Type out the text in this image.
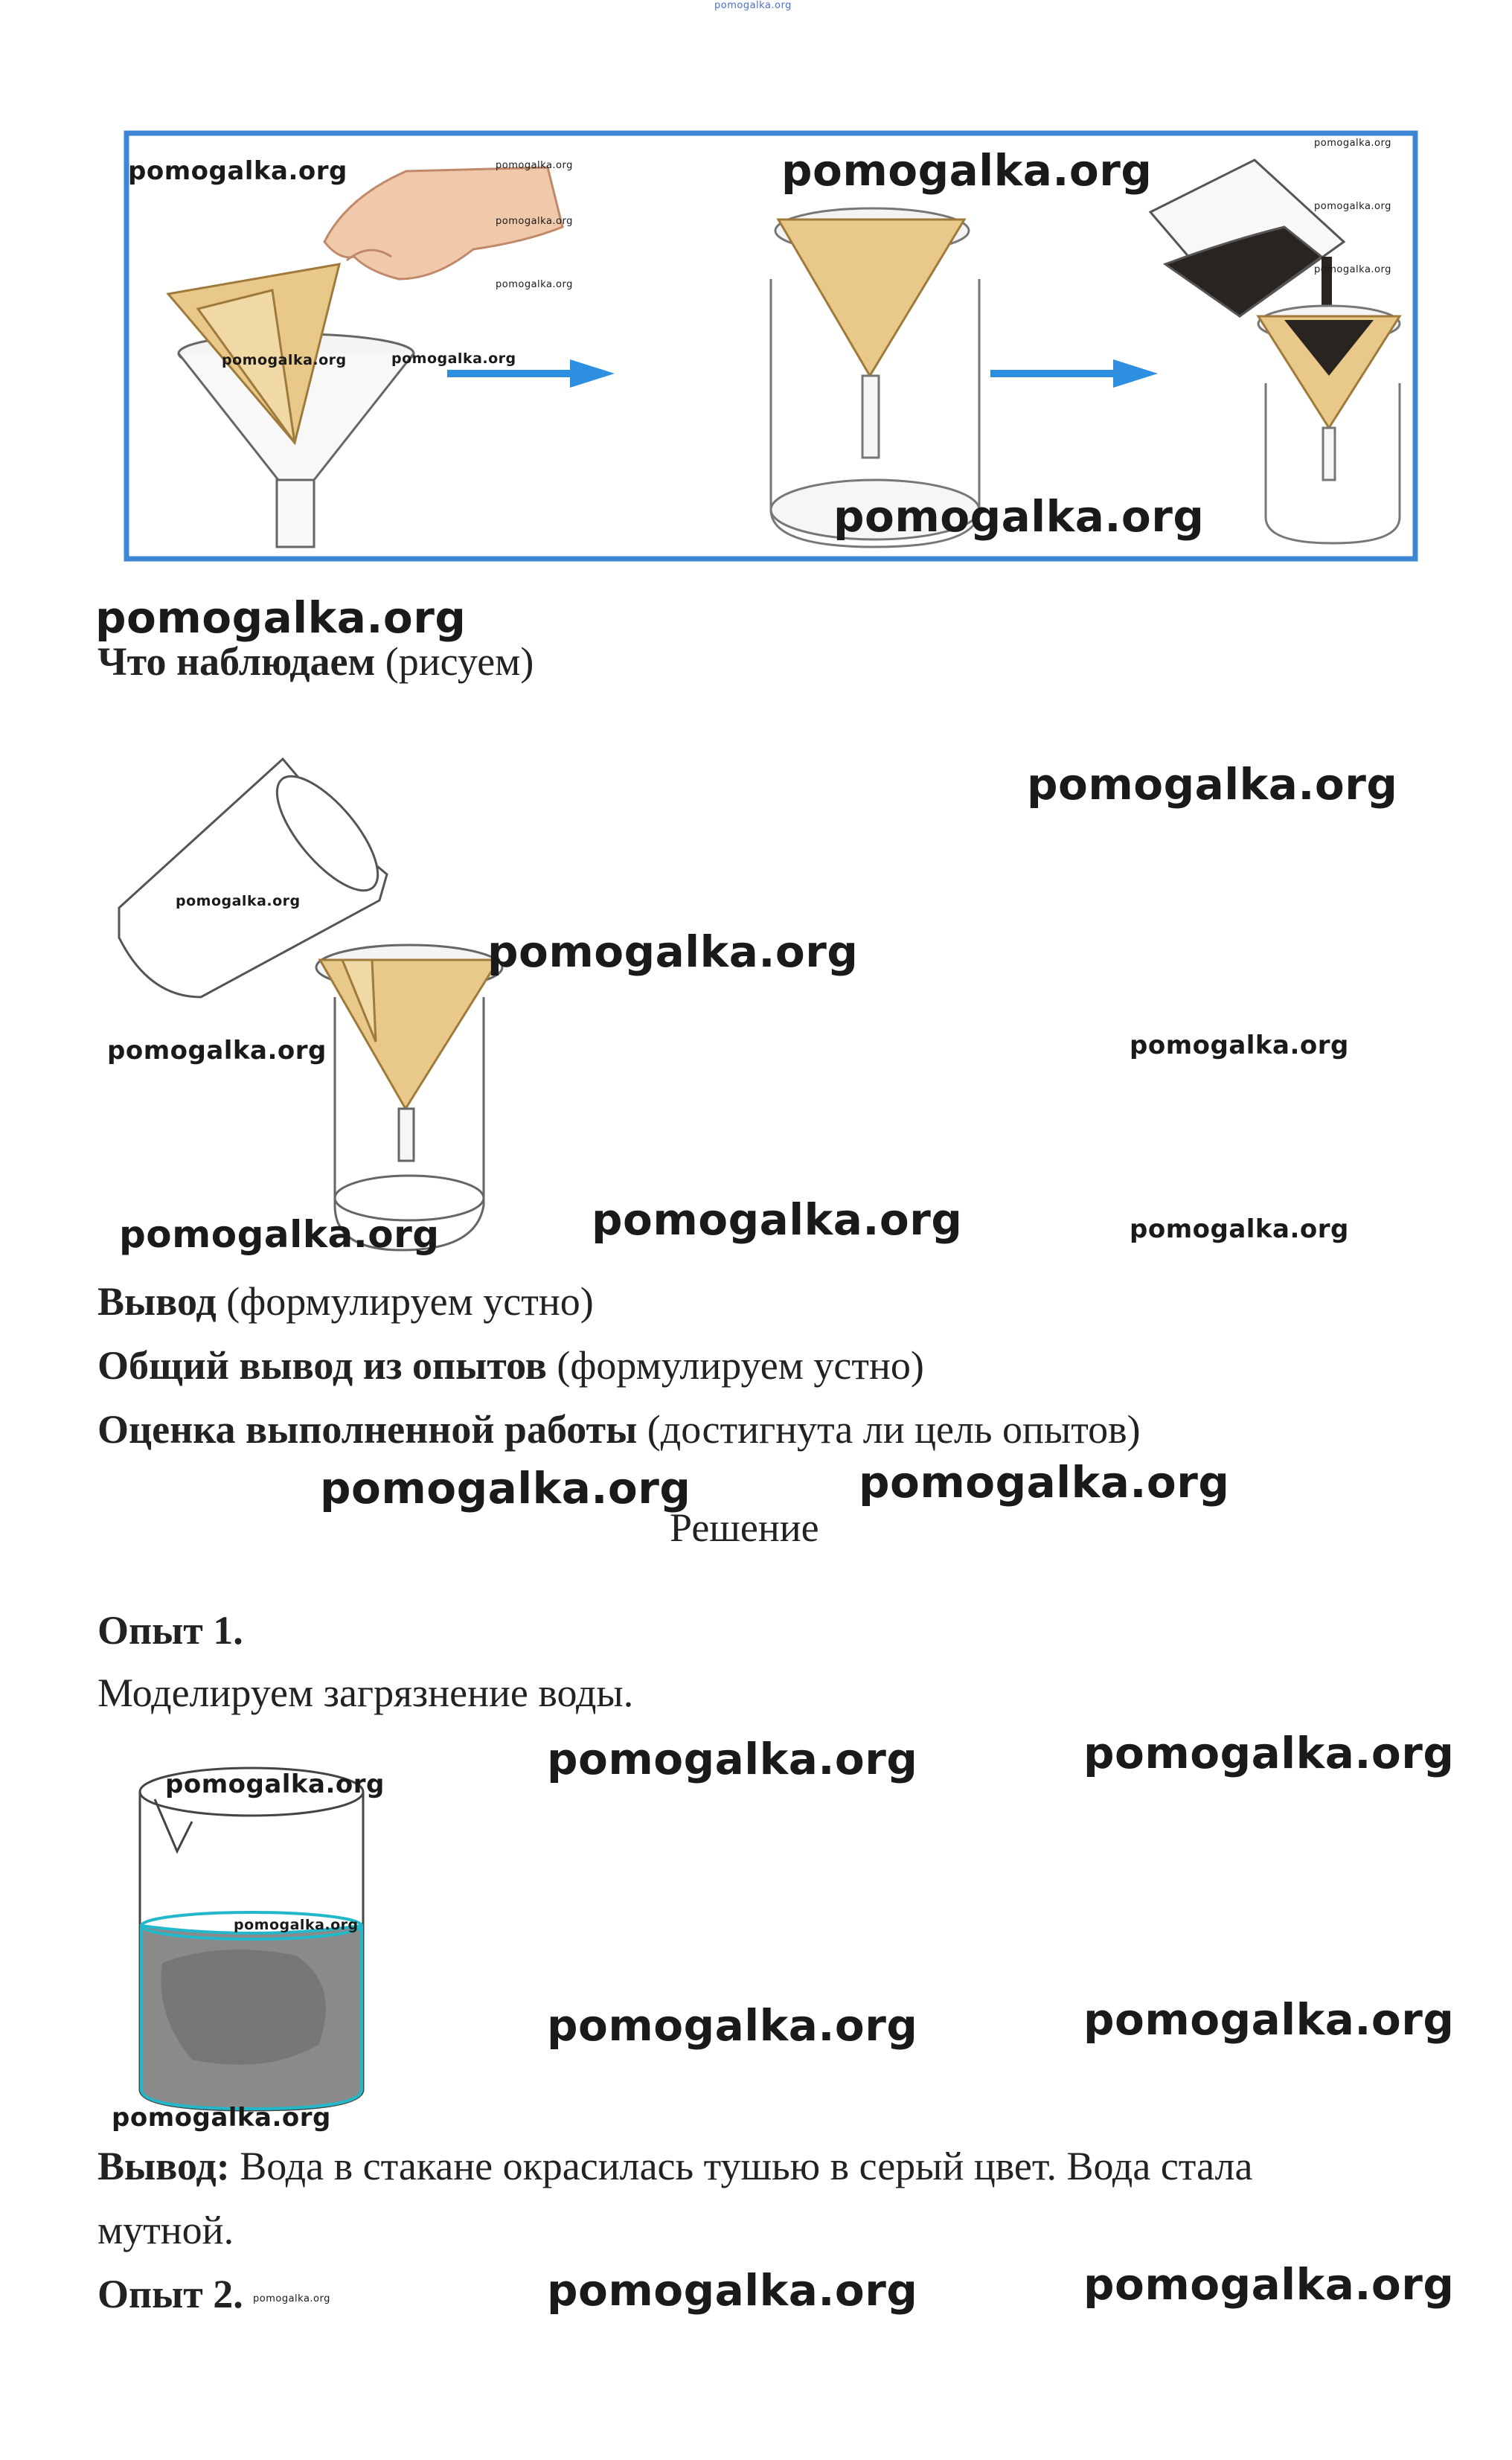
pomogalka.org
pomogalka.org	pomogalka.org
pomogalka.org
pomogalka.org
pomogalka.org
pomogalka.org	pomogalka.org
pomogalka.org
pomogalka.org
pomogalka.org
pomogalka.org
pomogalka.org
Что наблюдаем (рисуем)
pomogalka.org
pomogalka.org
pomogalka.org
pomogalka.org	pomogalka.org
pomogalka.org	pomogalka.org	pomogalka.org
Вывод (формулируем устно)
Общий вывод из опытов (формулируем устно)
Оценка выполненной работы (достигнута ли цель опытов)
pomogalka.org	pomogalka.org
Решение
Опыт 1.
Моделируем загрязнение воды.
pomogalka.org
pomogalka.org
pomogalka.org	pomogalka.org
pomogalka.org	pomogalka.org
pomogalka.org
Вывод: Вода в стакане окрасилась тушью в серый цвет. Вода стала
мутной.
Опыт 2. pomogalka.org	pomogalka.org	pomogalka.org
